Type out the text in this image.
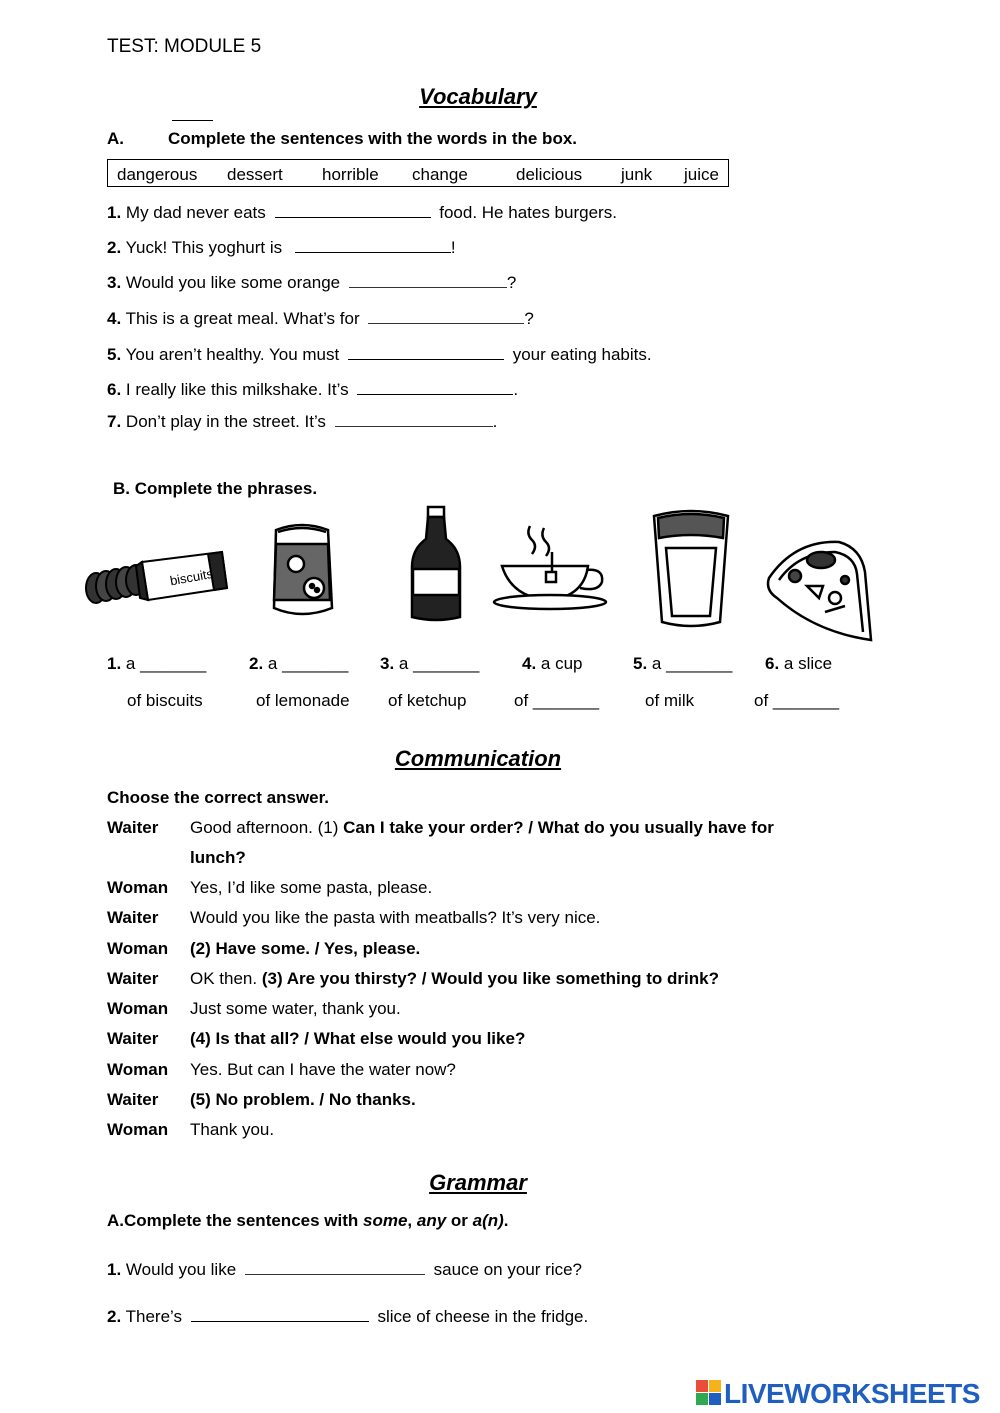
TEST: MODULE 5
Vocabulary
A.	Complete the sentences with the words in the box.
dangerous dessert horrible change	delicious junk juice
1. My dad never eats	food. He hates burgers.
2. Yuck! This yoghurt is	!
3. Would you like some orange	?
4. This is a great meal. What’s for	?
5. You aren’t healthy. You must	your eating habits.
6. I really like this milkshake. It’s	.
7. Don’t play in the street. It’s	.
B. Complete the phrases.
biscuits
1. a _______
of biscuits
2. a _______
of lemonade
3. a _______
of ketchup
4. a cup
of _______
5. a _______
of milk
6. a slice
of _______
Communication
Choose the correct answer.
Waiter Good afternoon. (1) Can I take your order? / What do you usually have for
lunch?
Woman Yes, I’d like some pasta, please.
Waiter Would you like the pasta with meatballs? It’s very nice.
Woman (2) Have some. / Yes, please.
Waiter OK then. (3) Are you thirsty? / Would you like something to drink?
Woman Just some water, thank you.
Waiter (4) Is that all? / What else would you like?
Woman Yes. But can I have the water now?
Waiter (5) No problem. / No thanks.
Woman Thank you.
Grammar
A.Complete the sentences with some, any or a(n).
1. Would you like	sauce on your rice?
2. There’s	slice of cheese in the fridge.
LIVEWORKSHEETS
